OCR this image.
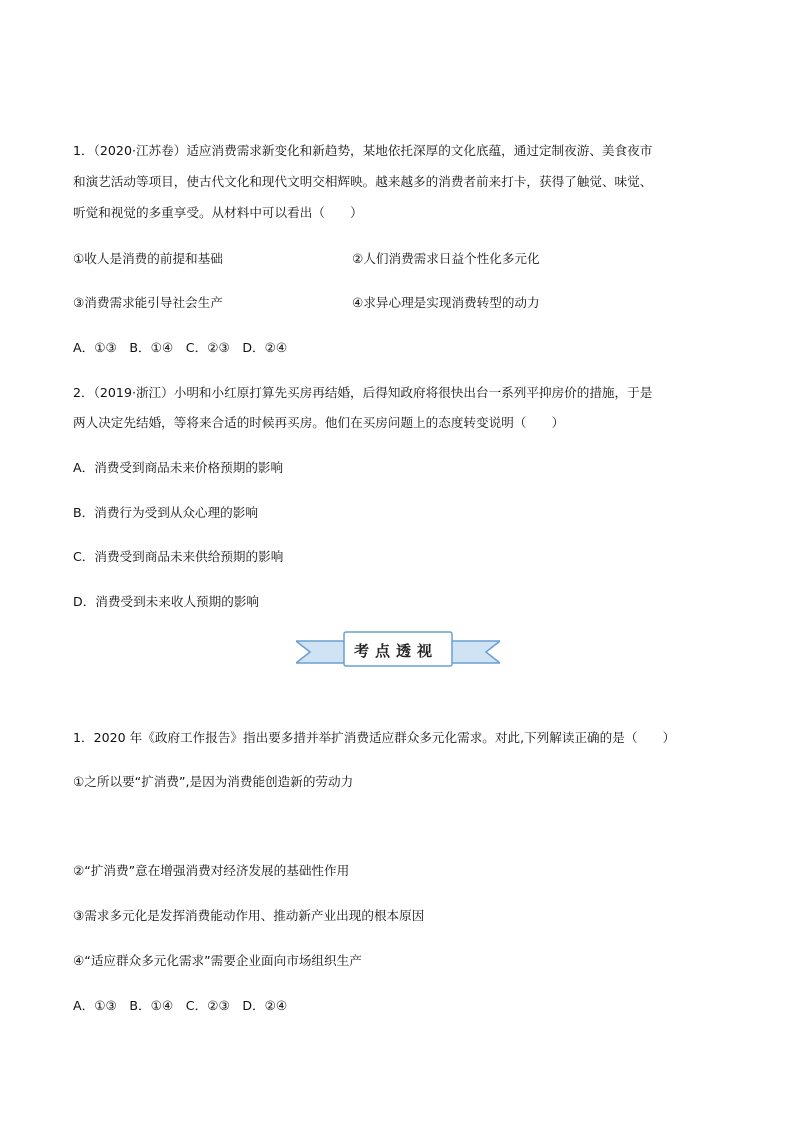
1．（2020·江苏卷）适应消费需求新变化和新趋势，某地依托深厚的文化底蕴，通过定制夜游、美食夜市
和演艺活动等项目，使古代文化和现代文明交相辉映。越来越多的消费者前来打卡，获得了触觉、味觉、
听觉和视觉的多重享受。从材料中可以看出（　　）
①收人是消费的前提和基础	②人们消费需求日益个性化多元化
③消费需求能引导社会生产	④求异心理是实现消费转型的动力
A．①③　B．①④　C．②③　D．②④
2．（2019·浙江）小明和小红原打算先买房再结婚，后得知政府将很快出台一系列平抑房价的措施，于是
两人决定先结婚，等将来合适的时候再买房。他们在买房问题上的态度转变说明（　　）
A．消费受到商品未来价格预期的影响
B．消费行为受到从众心理的影响
C．消费受到商品未来供给预期的影响
D．消费受到未来收人预期的影响
考点透视
1．2020 年《政府工作报告》指出要多措并举扩消费适应群众多元化需求。对此,下列解读正确的是（　　）
①之所以要“扩消费”,是因为消费能创造新的劳动力
②“扩消费”意在增强消费对经济发展的基础性作用
③需求多元化是发挥消费能动作用、推动新产业出现的根本原因
④“适应群众多元化需求”需要企业面向市场组织生产
A．①③　B．①④　C．②③　D．②④
